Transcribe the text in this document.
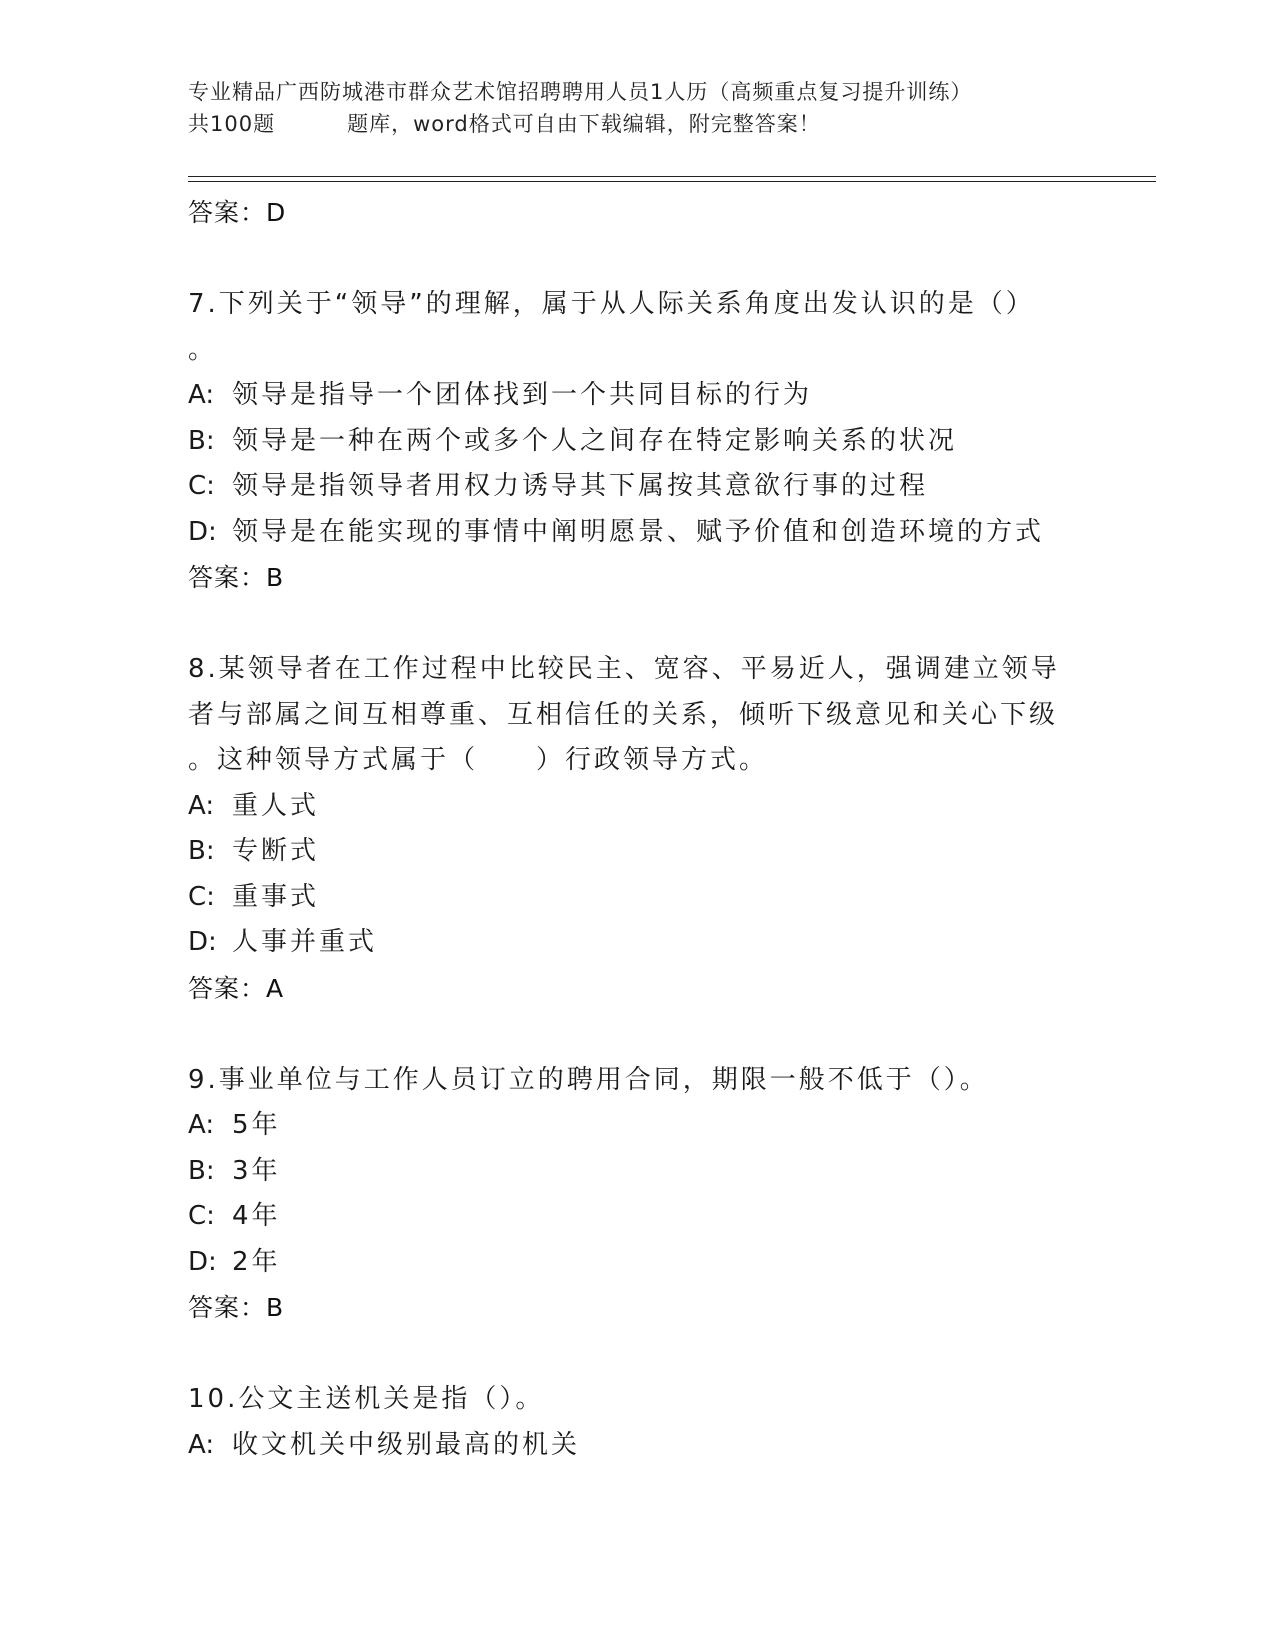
专业精品广西防城港市群众艺术馆招聘聘用人员1人历（高频重点复习提升训练）
共100题	题库，word格式可自由下载编辑，附完整答案！
答案：D
7.下列关于“领导”的理解，属于从人际关系角度出发认识的是（）
。
A: 领导是指导一个团体找到一个共同目标的行为
B: 领导是一种在两个或多个人之间存在特定影响关系的状况
C: 领导是指领导者用权力诱导其下属按其意欲行事的过程
D: 领导是在能实现的事情中阐明愿景、赋予价值和创造环境的方式
答案：B
8.某领导者在工作过程中比较民主、宽容、平易近人，强调建立领导
者与部属之间互相尊重、互相信任的关系，倾听下级意见和关心下级
。这种领导方式属于（　　）行政领导方式。
A: 重人式
B: 专断式
C: 重事式
D: 人事并重式
答案：A
9.事业单位与工作人员订立的聘用合同，期限一般不低于（）。
A: 5年
B: 3年
C: 4年
D: 2年
答案：B
10.公文主送机关是指（）。
A: 收文机关中级别最高的机关
